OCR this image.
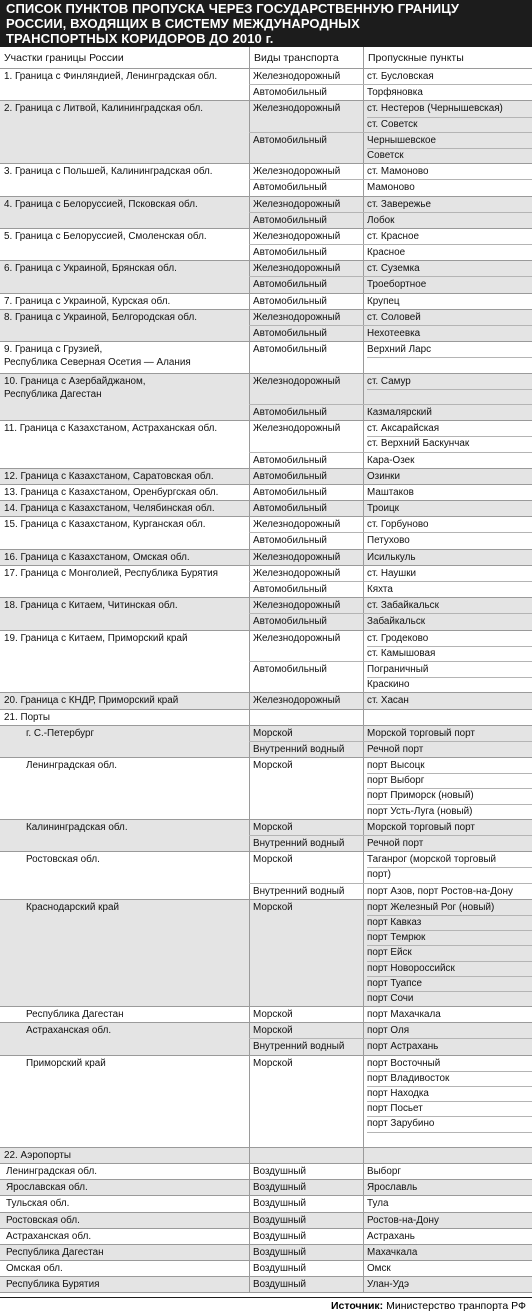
СПИСОК ПУНКТОВ ПРОПУСКА ЧЕРЕЗ ГОСУДАРСТВЕННУЮ ГРАНИЦУ
РОССИИ, ВХОДЯЩИХ В СИСТЕМУ МЕЖДУНАРОДНЫХ
ТРАНСПОРТНЫХ КОРИДОРОВ ДО 2010 г.
Участки границы России	Виды транспорта	Пропускные пункты
1. Граница с Финляндией, Ленинградская обл.	Железнодорожный	ст. Бусловская
Автомобильный	Торфяновка
2. Граница с Литвой, Калининградская обл.	Железнодорожный	ст. Нестеров (Чернышевская)
ст. Советск
Автомобильный	Чернышевское
Советск
3. Граница с Польшей, Калининградская обл.	Железнодорожный	ст. Мамоново
Автомобильный	Мамоново
4. Граница с Белоруссией, Псковская обл.	Железнодорожный	ст. Завережье
Автомобильный	Лобок
5. Граница с Белоруссией, Смоленская обл.	Железнодорожный	ст. Красное
Автомобильный	Красное
6. Граница с Украиной, Брянская обл.	Железнодорожный	ст. Суземка
Автомобильный	Троебортное
7. Граница с Украиной, Курская обл.	Автомобильный	Крупец
8. Граница с Украиной, Белгородская обл.	Железнодорожный	ст. Соловей
Автомобильный	Нехотеевка
9. Граница с Грузией,
Республика Северная Осетия — Алания
Автомобильный	Верхний Ларс
10. Граница с Азербайджаном,
Республика Дагестан
Железнодорожный	ст. Самур
Автомобильный	Казмалярский
11. Граница с Казахстаном, Астраханская обл.	Железнодорожный	ст. Аксарайская
ст. Верхний Баскунчак
Автомобильный	Кара-Озек
12. Граница с Казахстаном, Саратовская обл.	Автомобильный	Озинки
13. Граница с Казахстаном, Оренбургская обл.	Автомобильный	Маштаков
14. Граница с Казахстаном, Челябинская обл.	Автомобильный	Троицк
15. Граница с Казахстаном, Курганская обл.	Железнодорожный	ст. Горбуново
Автомобильный	Петухово
16. Граница с Казахстаном, Омская обл.	Железнодорожный	Исилькуль
17. Граница с Монголией, Республика Бурятия	Железнодорожный	ст. Наушки
Автомобильный	Кяхта
18. Граница с Китаем, Читинская обл.	Железнодорожный	ст. Забайкальск
Автомобильный	Забайкальск
19. Граница с Китаем, Приморский край	Железнодорожный	ст. Гродеково
ст. Камышовая
Автомобильный	Пограничный
Краскино
20. Граница с КНДР, Приморский край	Железнодорожный	ст. Хасан
21. Порты
г. С.-Петербург	Морской	Морской торговый порт
Внутренний водный	Речной порт
Ленинградская обл.	Морской	порт Высоцк
порт Выборг
порт Приморск (новый)
порт Усть-Луга (новый)
Калининградская обл.	Морской	Морской торговый порт
Внутренний водный	Речной порт
Ростовская обл.	Морской	Таганрог (морской торговый
порт)
Внутренний водный	порт Азов, порт Ростов-на-Дону
Краснодарский край	Морской	порт Железный Рог (новый)
порт Кавказ
порт Темрюк
порт Ейск
порт Новороссийск
порт Туапсе
порт Сочи
Республика Дагестан	Морской	порт Махачкала
Астраханская обл.	Морской	порт Оля
Внутренний водный	порт Астрахань
Приморский край	Морской	порт Восточный
порт Владивосток
порт Находка
порт Посьет
порт Зарубино
22. Аэропорты
Ленинградская обл.	Воздушный	Выборг
Ярославская обл.	Воздушный	Ярославль
Тульская обл.	Воздушный	Тула
Ростовская обл.	Воздушный	Ростов-на-Дону
Астраханская обл.	Воздушный	Астрахань
Республика Дагестан	Воздушный	Махачкала
Омская обл.	Воздушный	Омск
Республика Бурятия	Воздушный	Улан-Удэ
Источник: Министерство транпорта РФ
